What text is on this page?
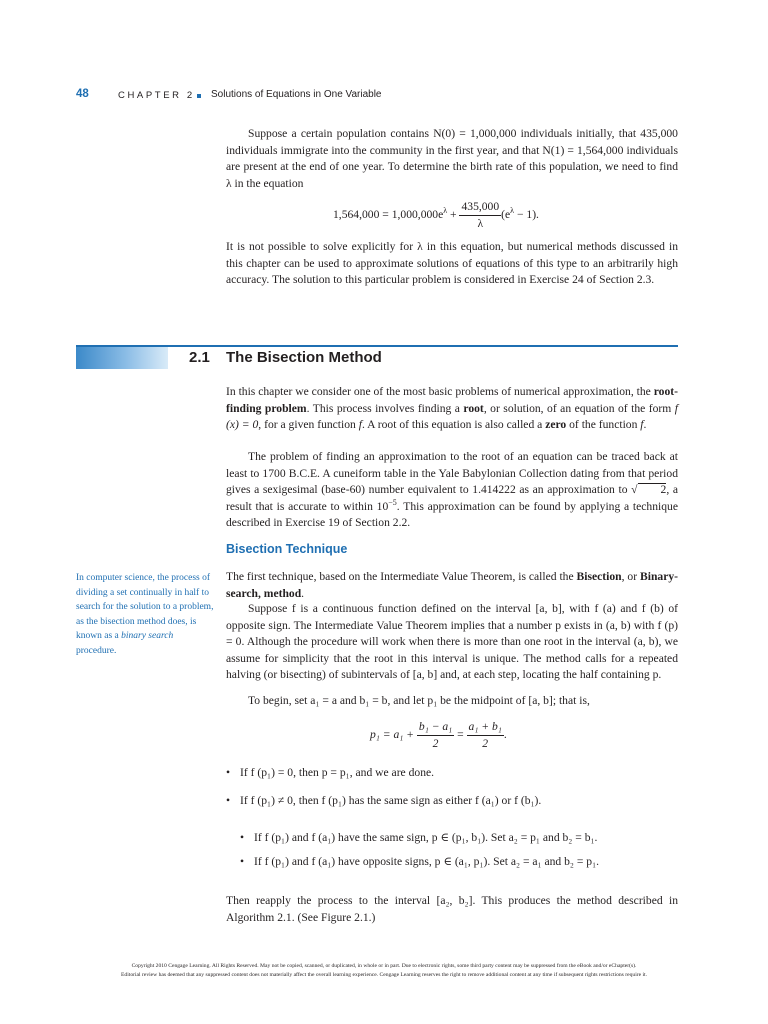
48	CHAPTER 2 Solutions of Equations in One Variable

Suppose a certain population contains N(0) = 1,000,000 individuals initially, that 435,000 individuals immigrate into the community in the first year, and that N(1) = 1,564,000 individuals are present at the end of one year. To determine the birth rate of this population, we need to find λ in the equation

$1,564,000 = 1,000,000e^\lambda + \frac{435,000}{\lambda} (e^\lambda - 1)$.

It is not possible to solve explicitly for λ in this equation, but numerical methods discussed in this chapter can be used to approximate solutions of equations of this type to an arbitrarily high accuracy. The solution to this particular problem is considered in Exercise 24 of Section 2.3.

2.1 The Bisection Method

In this chapter we consider one of the most basic problems of numerical approximation, the root-finding problem. This process involves finding a root, or solution, of an equation of the form f (x) = 0, for a given function f. A root of this equation is also called a zero of the function f.

The problem of finding an approximation to the root of an equation can be traced back at least to 1700 B.C.E. A cuneiform table in the Yale Babylonian Collection dating from that period gives a sexigesimal (base-60) number equivalent to 1.414222 as an approximation to √ 2, a result that is accurate to within $10^{-5}$. This approximation can be found by applying a technique described in Exercise 19 of Section 2.2.

Bisection Technique
In computer science, the process of dividing a set continually in half to search for the solution to a problem, as the bisection method does, is known as a binary search procedure.

The first technique, based on the Intermediate Value Theorem, is called the Bisection, or Binary-search, method.

Suppose f is a continuous function defined on the interval [a, b], with f (a) and f (b) of opposite sign. The Intermediate Value Theorem implies that a number p exists in (a, b) with f (p) = 0. Although the procedure will work when there is more than one root in the interval (a, b), we assume for simplicity that the root in this interval is unique. The method calls for a repeated halving (or bisecting) of subintervals of [a, b] and, at each step, locating the half containing p.

To begin, set a₁ = a and b₁ = b, and let p₁ be the midpoint of [a, b]; that is,

$p_1 = a_1 + \frac{\text{b₁ − a₁}}{2} = \frac{\text{a₁ + b₁}}{2}$ .
• If f (p₁) = 0, then p = p₁, and we are done.
• If f (p₁) ≠ 0, then f (p₁) has the same sign as either f (a₁) or f (b₁).
• If f (p₁) and f (a₁) have the same sign, p ∈ (p₁, b₁). Set a₂ = p₁ and b₂ = b₁.
• If f (p₁) and f (a₁) have opposite signs, p ∈ (a₁, p₁). Set a₂ = a₁ and b₂ = p₁.

Then reapply the process to the interval [a₂, b₂]. This produces the method described in Algorithm 2.1. (See Figure 2.1.)

Copyright 2010 Cengage Learning. All Rights Reserved. May not be copied, scanned, or duplicated, in whole or in part. Due to electronic rights, some third party content may be suppressed from the eBook and/or eChapter(s).
Editorial review has deemed that any suppressed content does not materially affect the overall learning experience. Cengage Learning reserves the right to remove additional content at any time if subsequent rights restrictions require it.
